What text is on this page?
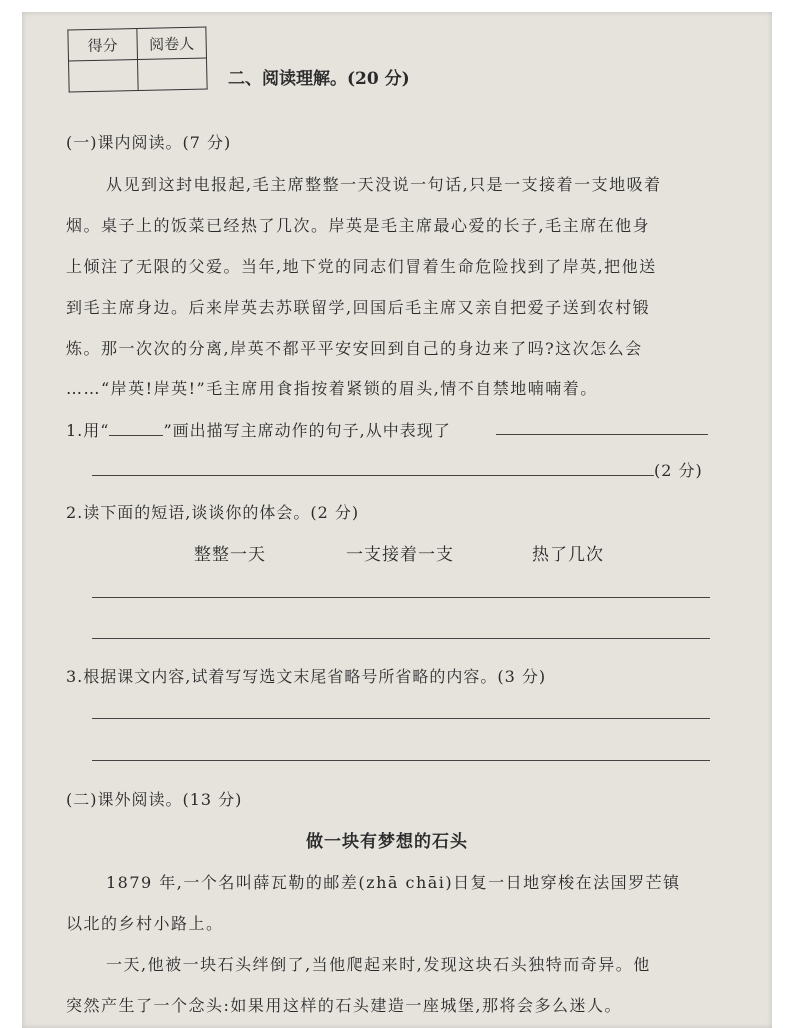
得分	阅卷人

二、阅读理解。(20 分)
(一)课内阅读。(7 分)
从见到这封电报起,毛主席整整一天没说一句话,只是一支接着一支地吸着
烟。桌子上的饭菜已经热了几次。岸英是毛主席最心爱的长子,毛主席在他身
上倾注了无限的父爱。当年,地下党的同志们冒着生命危险找到了岸英,把他送
到毛主席身边。后来岸英去苏联留学,回国后毛主席又亲自把爱子送到农村锻
炼。那一次次的分离,岸英不都平平安安回到自己的身边来了吗?这次怎么会
……“岸英!岸英!”毛主席用食指按着紧锁的眉头,情不自禁地喃喃着。
1.用“	”画出描写主席动作的句子,从中表现了
(2 分)
2.读下面的短语,谈谈你的体会。(2 分)
整整一天	一支接着一支	热了几次
3.根据课文内容,试着写写选文末尾省略号所省略的内容。(3 分)
(二)课外阅读。(13 分)
做一块有梦想的石头
1879 年,一个名叫薛瓦勒的邮差(zhā chāi)日复一日地穿梭在法国罗芒镇
以北的乡村小路上。
一天,他被一块石头绊倒了,当他爬起来时,发现这块石头独特而奇异。他
突然产生了一个念头:如果用这样的石头建造一座城堡,那将会多么迷人。
